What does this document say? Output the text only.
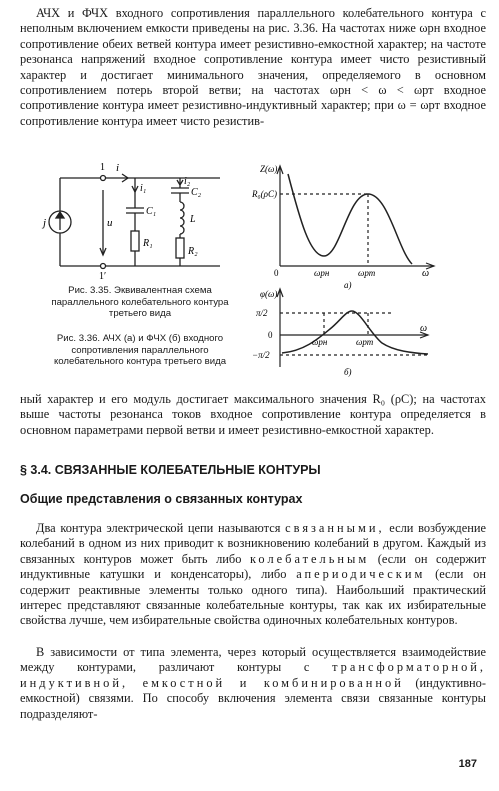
АЧХ и ФЧХ входного сопротивления параллельного колебательного контура с неполным включением емкости приведены на рис. 3.36. На частотах ниже ωрн входное сопротивление обеих ветвей контура имеет резистивно-емкостной характер; на частоте резонанса напряжений входное сопротивление контура имеет чисто резистивный характер и достигает минимального значения, определяемого в основном сопротивлением потерь второй ветви; на частотах ωрн < ω < ωрт входное сопротивление контура имеет резистивно-индуктивный характер; при ω = ωрт входное сопротивление контура имеет чисто резистив-

j	u
i
i₁
i₂
C₁
C₂
L
R₁
R₂
1
1′

Рис. 3.35. Эквивалентная схема параллельного колебательного контура третьего вида

Рис. 3.36. АЧХ (а) и ФЧХ (б) входного сопротивления параллельного колебательного контура третьего вида

Z(ω)
R₀(ρC)
0	ωрн	ωрт	ω
а)
φ(ω)
π/2
0
−π/2
ωрн	ωрт
ω
б)

ный характер и его модуль достигает максимального значения R₀ (ρC); на частотах выше частоты резонанса токов входное сопротивление контура определяется в основном параметрами первой ветви и имеет резистивно-емкостной характер.

§ 3.4. СВЯЗАННЫЕ КОЛЕБАТЕЛЬНЫЕ КОНТУРЫ
Общие представления о связанных контурах

Два контура электрической цепи называются связанными, если возбуждение колебаний в одном из них приводит к возникновению колебаний в другом. Каждый из связанных контуров может быть либо колебательным (если он содержит индуктивные катушки и конденсаторы), либо апериодическим (если он содержит реактивные элементы только одного типа). Наибольший практический интерес представляют связанные колебательные контуры, так как их избирательные свойства лучше, чем избирательные свойства одиночных колебательных контуров.

В зависимости от типа элемента, через который осуществляется взаимодействие между контурами, различают контуры с трансформаторной, индуктивной, емкостной и комбинированной (индуктивно-емкостной) связями. По способу включения элемента связи связанные контуры подразделяют-

187
